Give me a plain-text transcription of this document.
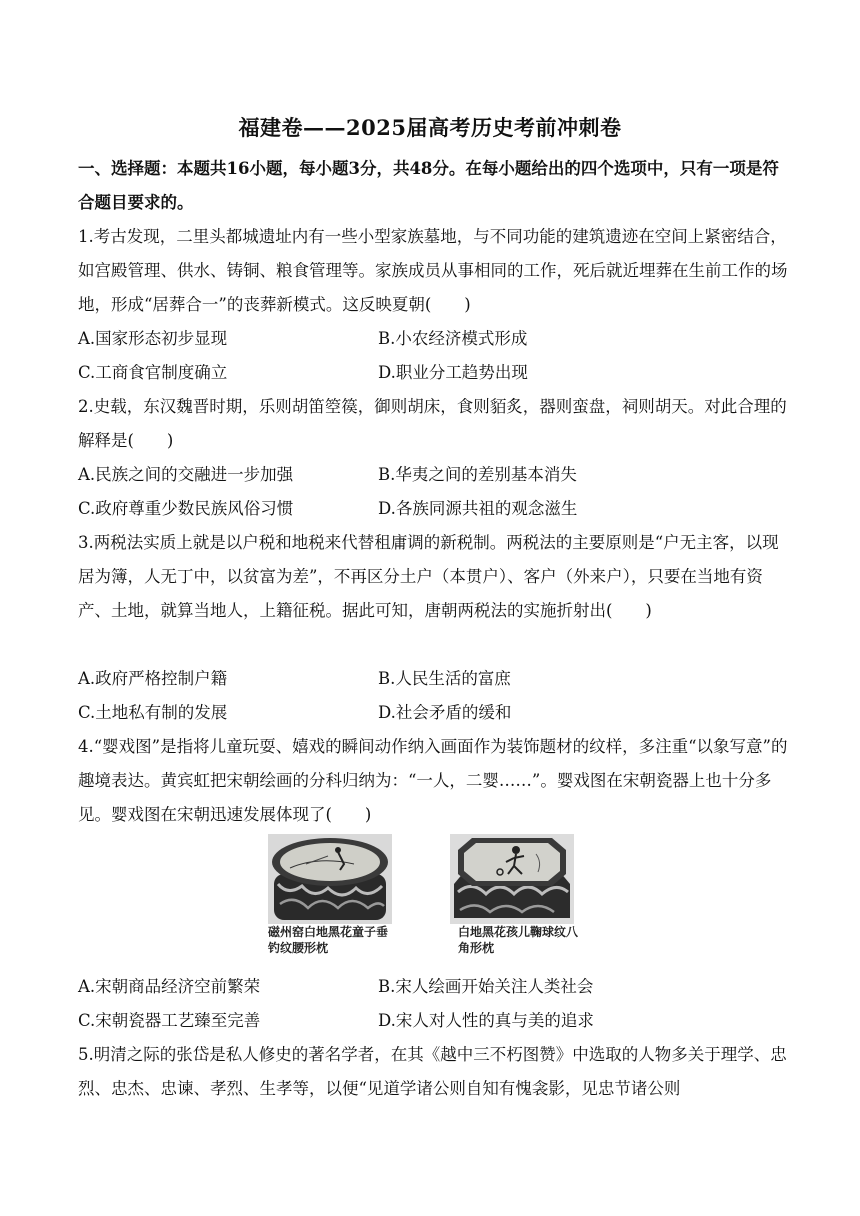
福建卷——2025届高考历史考前冲刺卷
一、选择题：本题共16小题，每小题3分，共48分。在每小题给出的四个选项中，只有一项是符合题目要求的。
1.考古发现，二里头都城遗址内有一些小型家族墓地，与不同功能的建筑遗迹在空间上紧密结合，如宫殿管理、供水、铸铜、粮食管理等。家族成员从事相同的工作，死后就近埋葬在生前工作的场地，形成“居葬合一”的丧葬新模式。这反映夏朝(　　)
A.国家形态初步显现	B.小农经济模式形成
C.工商食官制度确立	D.职业分工趋势出现
2.史载，东汉魏晋时期，乐则胡笛箜篌，御则胡床，食则貊炙，器则蛮盘，祠则胡天。对此合理的解释是(　　)
A.民族之间的交融进一步加强	B.华夷之间的差别基本消失
C.政府尊重少数民族风俗习惯	D.各族同源共祖的观念滋生
3.两税法实质上就是以户税和地税来代替租庸调的新税制。两税法的主要原则是“户无主客，以现居为簿，人无丁中，以贫富为差”，不再区分土户（本贯户）、客户（外来户），只要在当地有资产、土地，就算当地人，上籍征税。据此可知，唐朝两税法的实施折射出(　　)
A.政府严格控制户籍	B.人民生活的富庶
C.土地私有制的发展	D.社会矛盾的缓和
4.“婴戏图”是指将儿童玩耍、嬉戏的瞬间动作纳入画面作为装饰题材的纹样，多注重“以象写意”的趣境表达。黄宾虹把宋朝绘画的分科归纳为：“一人，二婴……”。婴戏图在宋朝瓷器上也十分多见。婴戏图在宋朝迅速发展体现了(　　)
磁州窑白地黑花童子垂钓纹腰形枕
白地黑花孩儿鞠球纹八角形枕
A.宋朝商品经济空前繁荣	B.宋人绘画开始关注人类社会
C.宋朝瓷器工艺臻至完善	D.宋人对人性的真与美的追求
5.明清之际的张岱是私人修史的著名学者，在其《越中三不朽图赞》中选取的人物多关于理学、忠烈、忠杰、忠谏、孝烈、生孝等，以便“见道学诸公则自知有愧衾影，见忠节诸公则
